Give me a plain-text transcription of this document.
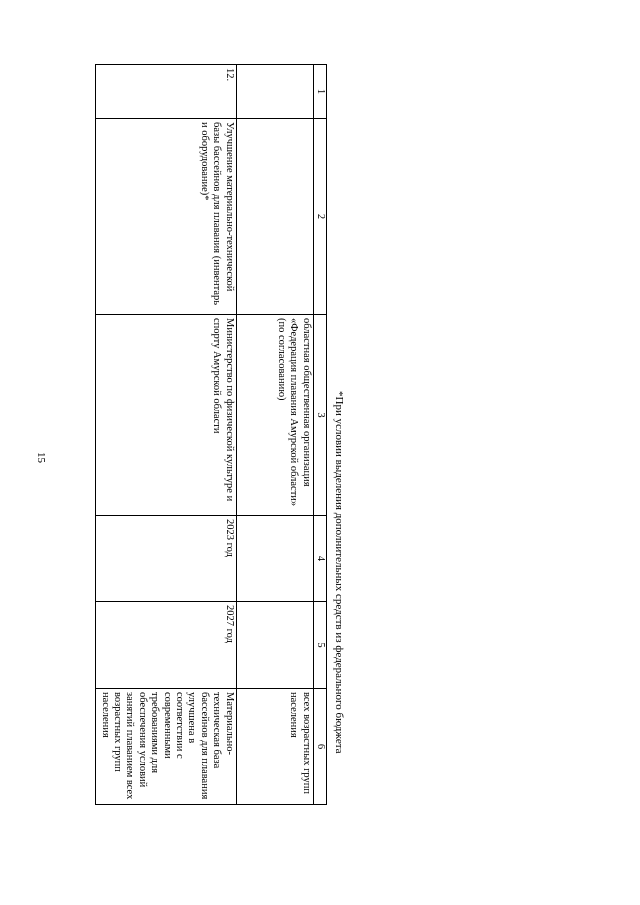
15
1	2	3	4	5	6
		областная общественная организация «Федерация плавания Амурской области» (по согласованию)			всех возрастных групп населения
12.	Улучшение материально-технической базы бассейнов для плавания (инвентарь и оборудование)*	Министерство по физической культуре и спорту Амурской области	2023 год	2027 год	Материально-техническая база бассейнов для плавания улучшена в соответствии с современными требованиями для обеспечения условий занятий плаванием всех возрастных групп населения	*При условии выделения дополнительных средств из федерального бюджета
